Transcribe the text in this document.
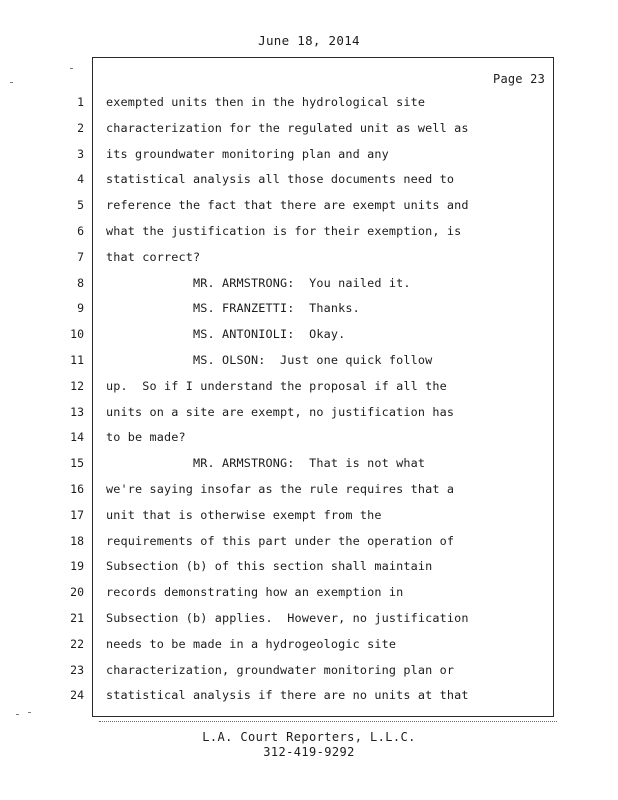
June 18, 2014
Page 23
1 exempted units then in the hydrological site
2 characterization for the regulated unit as well as
3 its groundwater monitoring plan and any
4 statistical analysis all those documents need to
5 reference the fact that there are exempt units and
6 what the justification is for their exemption, is
7 that correct?
8 MR. ARMSTRONG:  You nailed it.
9 MS. FRANZETTI:  Thanks.
10 MS. ANTONIOLI:  Okay.
11 MS. OLSON:  Just one quick follow
12 up.  So if I understand the proposal if all the
13 units on a site are exempt, no justification has
14 to be made?
15 MR. ARMSTRONG:  That is not what
16 we're saying insofar as the rule requires that a
17 unit that is otherwise exempt from the
18 requirements of this part under the operation of
19 Subsection (b) of this section shall maintain
20 records demonstrating how an exemption in
21 Subsection (b) applies.  However, no justification
22 needs to be made in a hydrogeologic site
23 characterization, groundwater monitoring plan or
24 statistical analysis if there are no units at that
L.A. Court Reporters, L.L.C.
312-419-9292
